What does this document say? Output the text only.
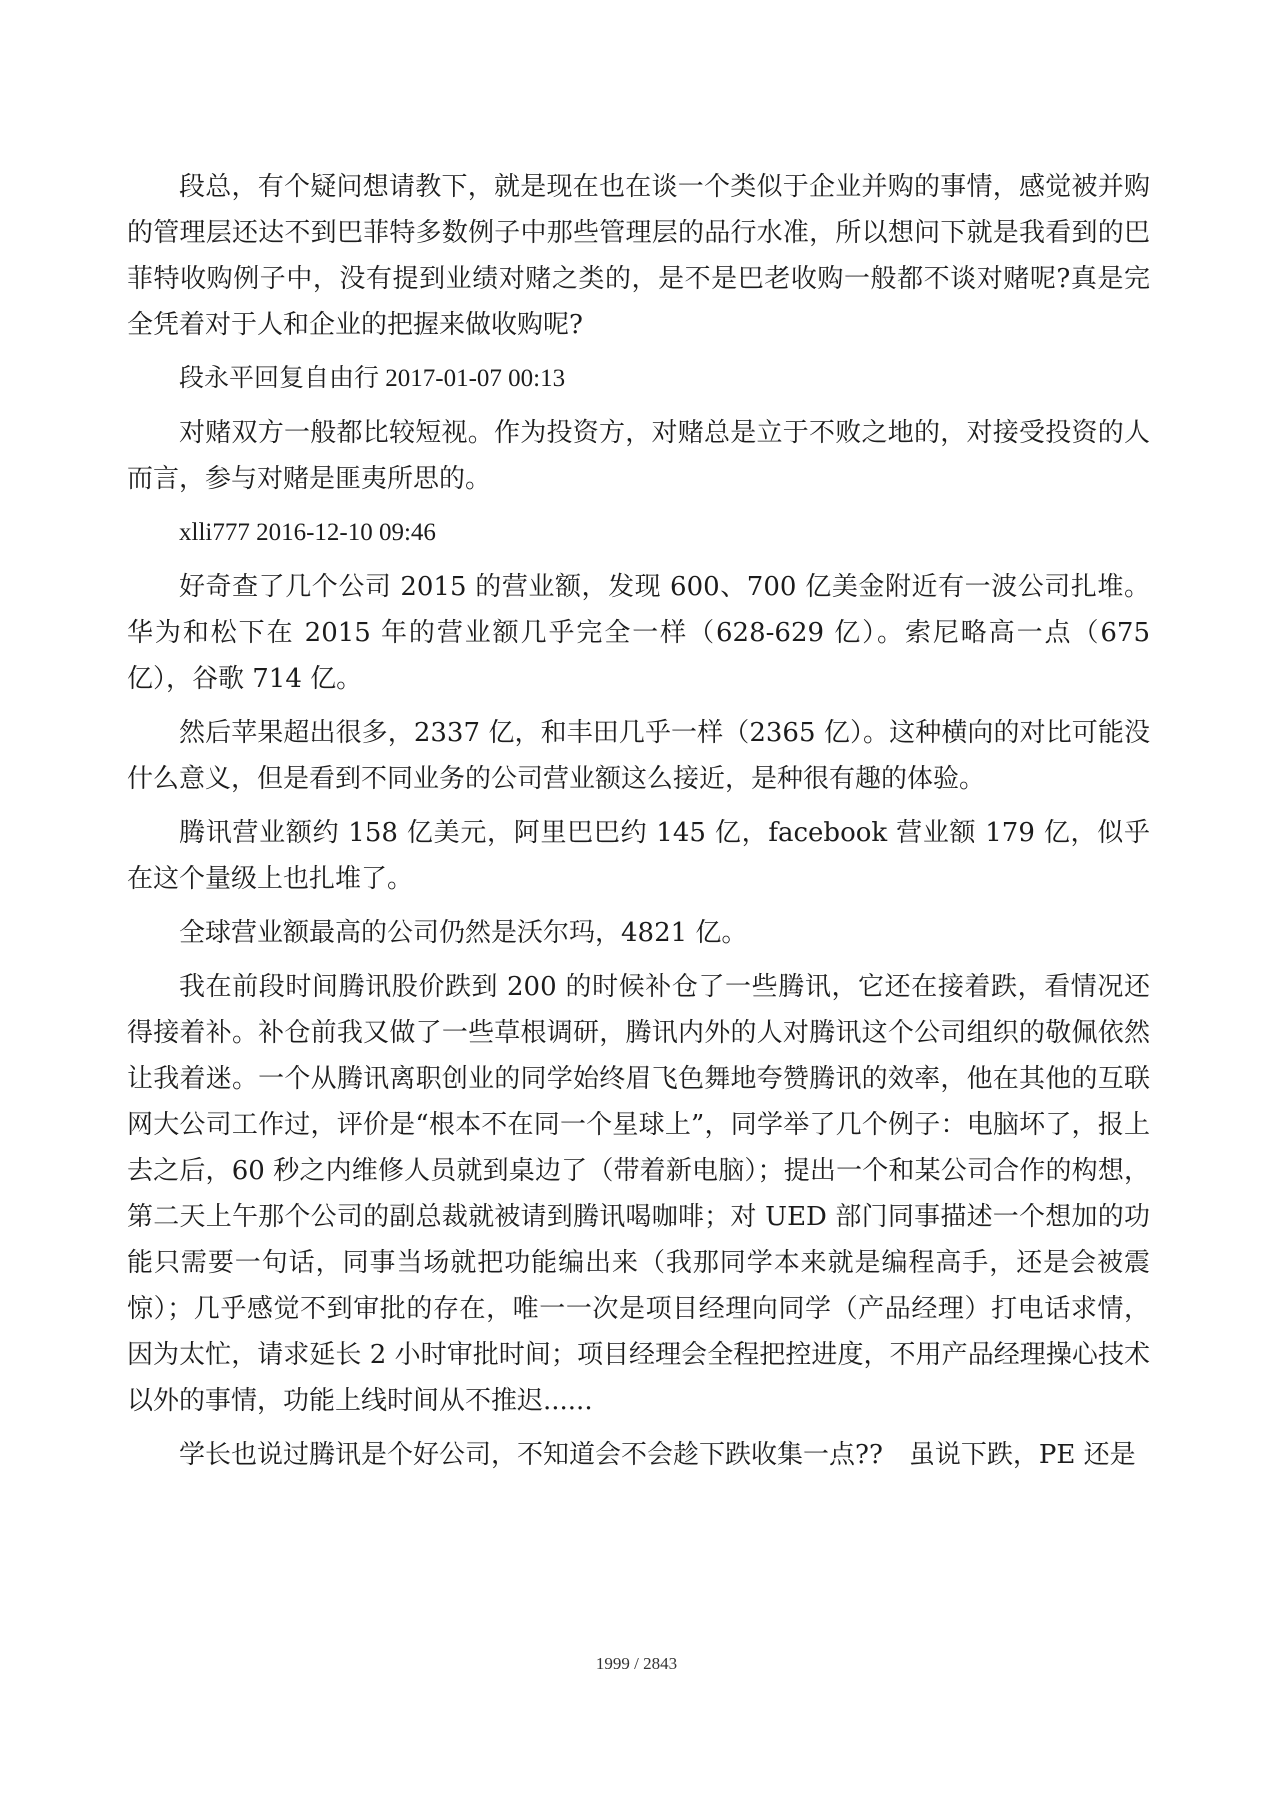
段总，有个疑问想请教下，就是现在也在谈一个类似于企业并购的事情，感觉被并购的管理层还达不到巴菲特多数例子中那些管理层的品行水准，所以想问下就是我看到的巴菲特收购例子中，没有提到业绩对赌之类的，是不是巴老收购一般都不谈对赌呢?真是完全凭着对于人和企业的把握来做收购呢?

段永平回复自由行 2017-01-07 00:13

对赌双方一般都比较短视。作为投资方，对赌总是立于不败之地的，对接受投资的人而言，参与对赌是匪夷所思的。

xlli777 2016-12-10 09:46

好奇查了几个公司 2015 的营业额，发现 600、700 亿美金附近有一波公司扎堆。华为和松下在 2015 年的营业额几乎完全一样（628-629 亿）。索尼略高一点（675 亿），谷歌 714 亿。

然后苹果超出很多，2337 亿，和丰田几乎一样（2365 亿）。这种横向的对比可能没什么意义，但是看到不同业务的公司营业额这么接近，是种很有趣的体验。

腾讯营业额约 158 亿美元，阿里巴巴约 145 亿，facebook 营业额 179 亿，似乎在这个量级上也扎堆了。

全球营业额最高的公司仍然是沃尔玛，4821 亿。

我在前段时间腾讯股价跌到 200 的时候补仓了一些腾讯，它还在接着跌，看情况还得接着补。补仓前我又做了一些草根调研，腾讯内外的人对腾讯这个公司组织的敬佩依然让我着迷。一个从腾讯离职创业的同学始终眉飞色舞地夸赞腾讯的效率，他在其他的互联网大公司工作过，评价是“根本不在同一个星球上”，同学举了几个例子：电脑坏了，报上去之后，60 秒之内维修人员就到桌边了（带着新电脑）；提出一个和某公司合作的构想，第二天上午那个公司的副总裁就被请到腾讯喝咖啡；对 UED 部门同事描述一个想加的功能只需要一句话，同事当场就把功能编出来（我那同学本来就是编程高手，还是会被震惊）；几乎感觉不到审批的存在，唯一一次是项目经理向同学（产品经理）打电话求情，因为太忙，请求延长 2 小时审批时间；项目经理会全程把控进度，不用产品经理操心技术以外的事情，功能上线时间从不推迟......

学长也说过腾讯是个好公司，不知道会不会趁下跌收集一点??　虽说下跌，PE 还是

1999 / 2843
